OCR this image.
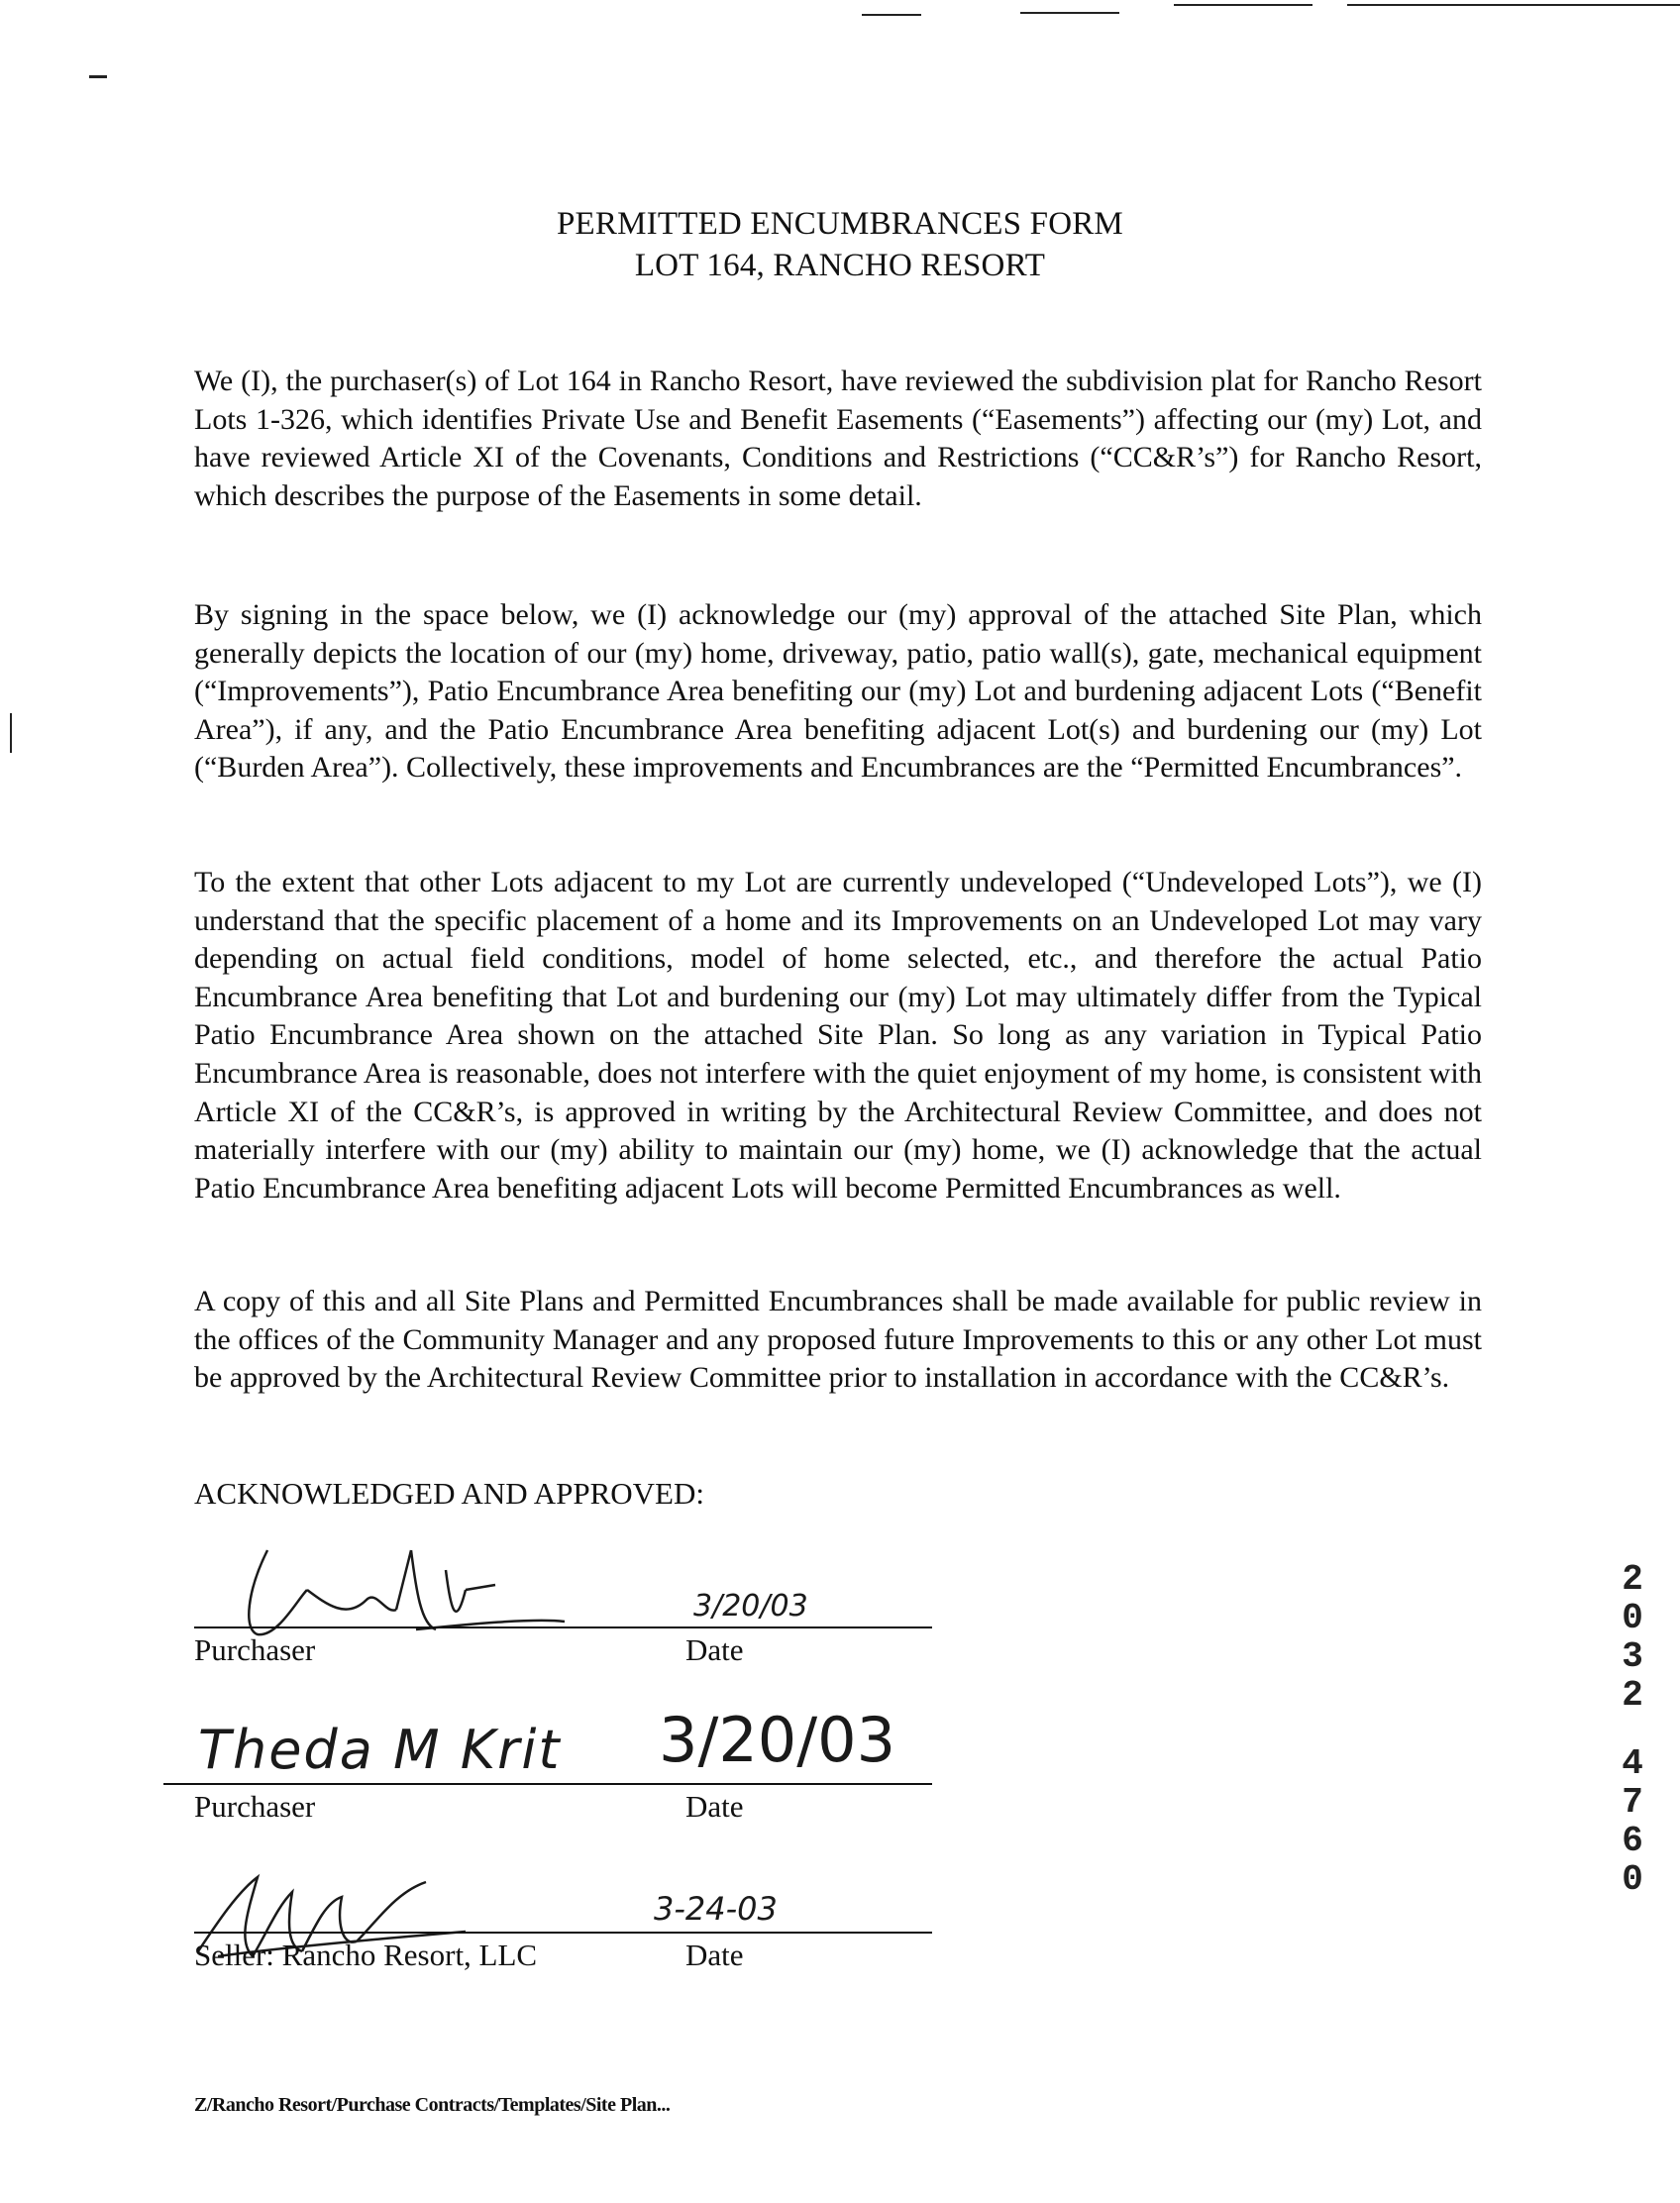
PERMITTED ENCUMBRANCES FORM
LOT 164, RANCHO RESORT
We (I), the purchaser(s) of Lot 164 in Rancho Resort, have reviewed the subdivision plat for Rancho Resort Lots 1-326, which identifies Private Use and Benefit Easements (“Easements”) affecting our (my) Lot, and have reviewed Article XI of the Covenants, Conditions and Restrictions (“CC&R’s”) for Rancho Resort, which describes the purpose of the Easements in some detail.
By signing in the space below, we (I) acknowledge our (my) approval of the attached Site Plan, which generally depicts the location of our (my) home, driveway, patio, patio wall(s), gate, mechanical equipment (“Improvements”), Patio Encumbrance Area benefiting our (my) Lot and burdening adjacent Lots (“Benefit Area”), if any, and the Patio Encumbrance Area benefiting adjacent Lot(s) and burdening our (my) Lot (“Burden Area”). Collectively, these improvements and Encumbrances are the “Permitted Encumbrances”.
To the extent that other Lots adjacent to my Lot are currently undeveloped (“Undeveloped Lots”), we (I) understand that the specific placement of a home and its Improvements on an Undeveloped Lot may vary depending on actual field conditions, model of home selected, etc., and therefore the actual Patio Encumbrance Area benefiting that Lot and burdening our (my) Lot may ultimately differ from the Typical Patio Encumbrance Area shown on the attached Site Plan. So long as any variation in Typical Patio Encumbrance Area is reasonable, does not interfere with the quiet enjoyment of my home, is consistent with Article XI of the CC&R’s, is approved in writing by the Architectural Review Committee, and does not materially interfere with our (my) ability to maintain our (my) home, we (I) acknowledge that the actual Patio Encumbrance Area benefiting adjacent Lots will become Permitted Encumbrances as well.
A copy of this and all Site Plans and Permitted Encumbrances shall be made available for public review in the offices of the Community Manager and any proposed future Improvements to this or any other Lot must be approved by the Architectural Review Committee prior to installation in accordance with the CC&R’s.
ACKNOWLEDGED AND APPROVED:
3/20/03
Purchaser	Date
Theda M Krit 3/20/03
Purchaser	Date
3-24-03
Seller: Rancho Resort, LLC	Date
Z/Rancho Resort/Purchase Contracts/Templates/Site Plan...
2
0
3
2
4
7
6
0
